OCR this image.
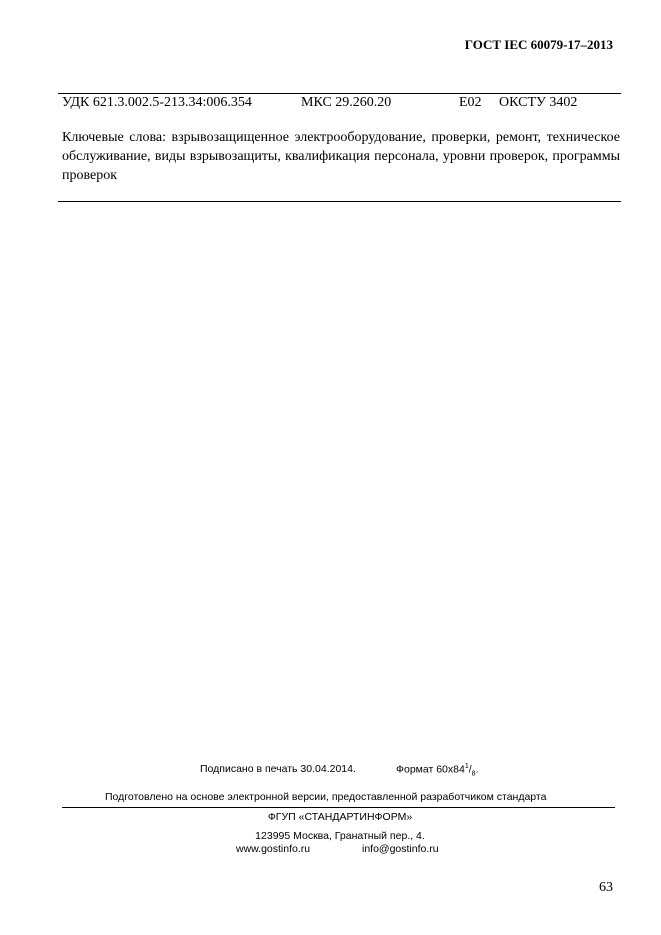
ГОСТ IEC 60079-17–2013
УДК 621.3.002.5-213.34:006.354	МКС 29.260.20	E02 ОКСТУ 3402
Ключевые слова: взрывозащищенное электрооборудование, проверки, ремонт, техническое обслуживание, виды взрывозащиты, квалификация персонала, уровни проверок, программы проверок
Подписано в печать 30.04.2014.	Формат $60x84^1/_8$.
Подготовлено на основе электронной версии, предоставленной разработчиком стандарта
ФГУП «СТАНДАРТИНФОРМ»
123995 Москва, Гранатный пер., 4.
www.gostinfo.ru	info@gostinfo.ru
63
